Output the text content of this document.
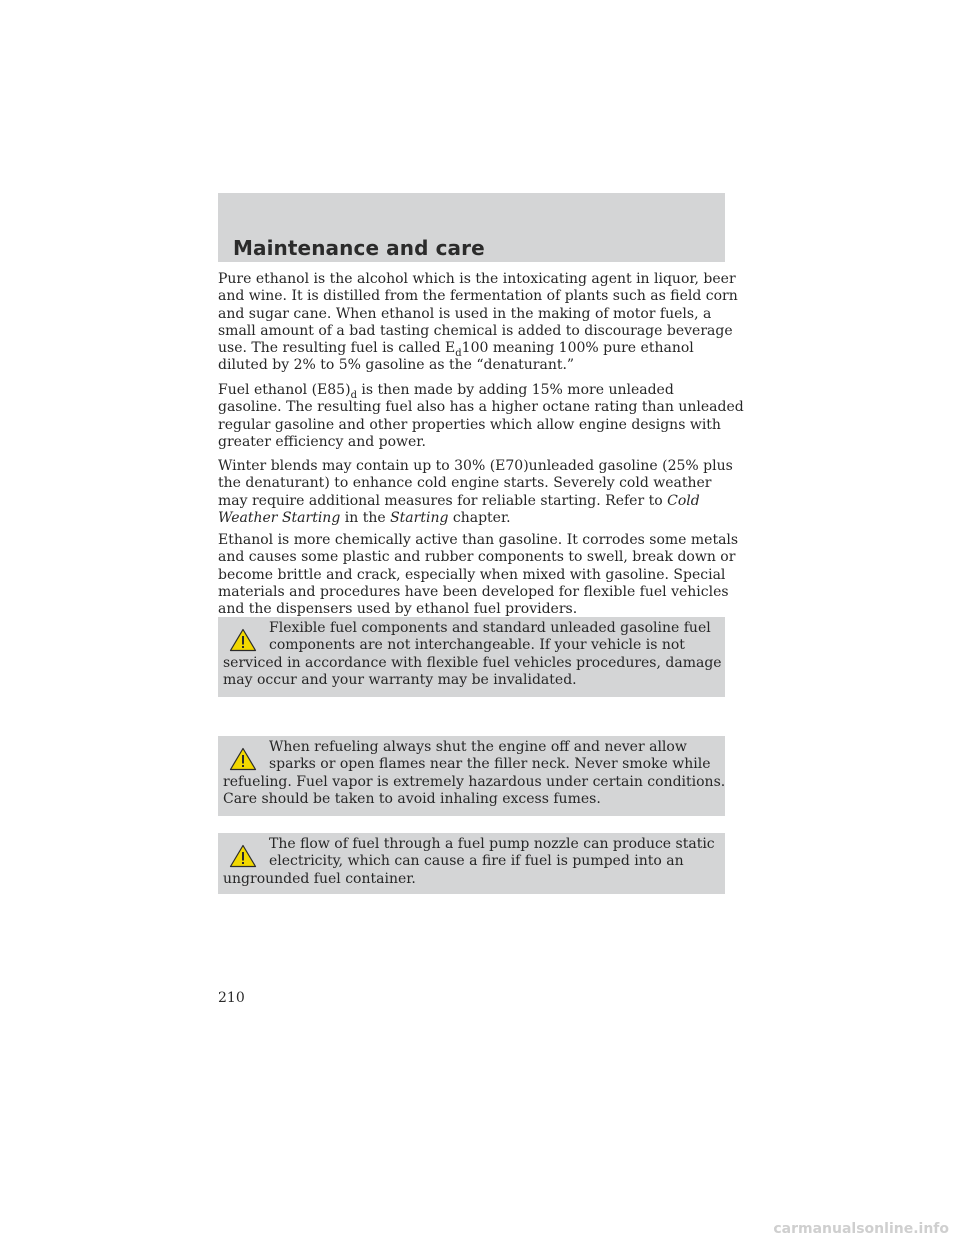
Maintenance and care

Pure ethanol is the alcohol which is the intoxicating agent in liquor, beer
and wine. It is distilled from the fermentation of plants such as field corn
and sugar cane. When ethanol is used in the making of motor fuels, a
small amount of a bad tasting chemical is added to discourage beverage
use. The resulting fuel is called $E_d100$ meaning 100% pure ethanol
diluted by 2% to 5% gasoline as the “denaturant.”

Fuel ethanol $(E85)_d$ is then made by adding 15% more unleaded
gasoline. The resulting fuel also has a higher octane rating than unleaded
regular gasoline and other properties which allow engine designs with
greater efficiency and power.

Winter blends may contain up to 30% (E70)unleaded gasoline (25% plus
the denaturant) to enhance cold engine starts. Severely cold weather
may require additional measures for reliable starting. Refer to Cold
Weather Starting in the Starting chapter.

Ethanol is more chemically active than gasoline. It corrodes some metals
and causes some plastic and rubber components to swell, break down or
become brittle and crack, especially when mixed with gasoline. Special
materials and procedures have been developed for flexible fuel vehicles
and the dispensers used by ethanol fuel providers.

Flexible fuel components and standard unleaded gasoline fuel
components are not interchangeable. If your vehicle is not
serviced in accordance with flexible fuel vehicles procedures, damage
may occur and your warranty may be invalidated.

When refueling always shut the engine off and never allow
sparks or open flames near the filler neck. Never smoke while
refueling. Fuel vapor is extremely hazardous under certain conditions.
Care should be taken to avoid inhaling excess fumes.

The flow of fuel through a fuel pump nozzle can produce static
electricity, which can cause a fire if fuel is pumped into an
ungrounded fuel container.

210
carmanualsonline.info
